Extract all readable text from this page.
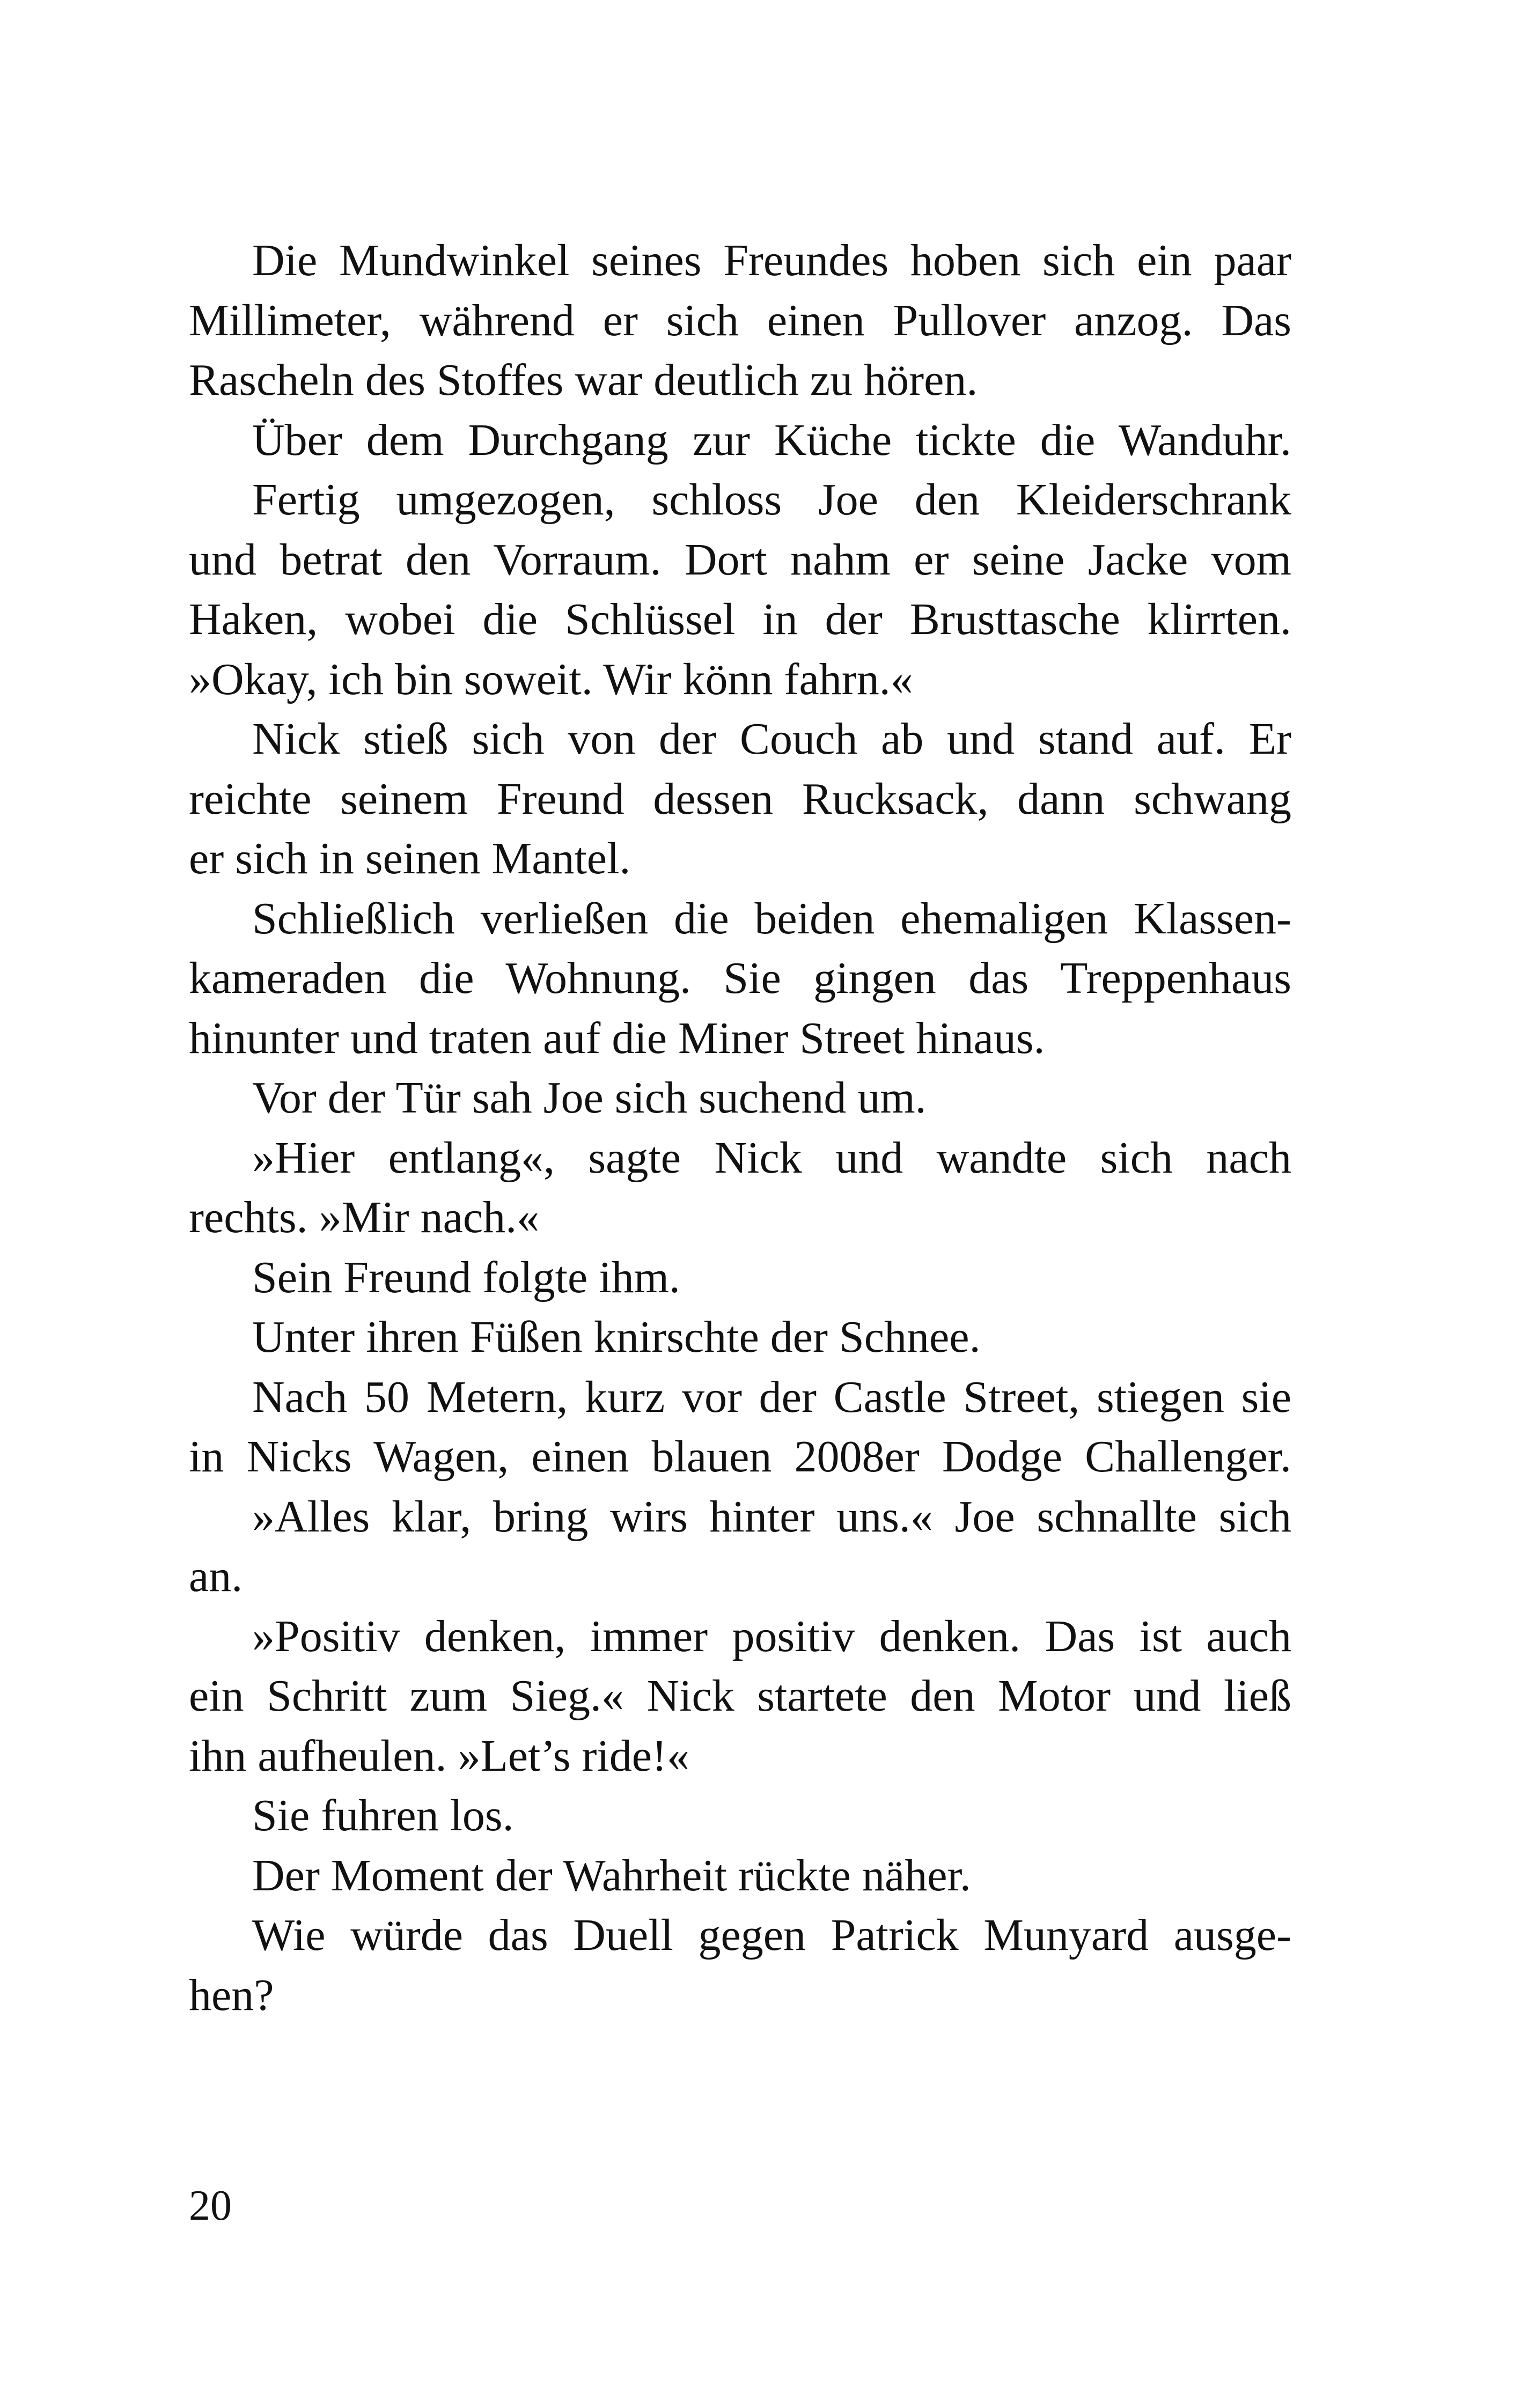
Die Mundwinkel seines Freundes hoben sich ein paar
Millimeter, während er sich einen Pullover anzog. Das
Rascheln des Stoffes war deutlich zu hören.
Über dem Durchgang zur Küche tickte die Wanduhr.
Fertig umgezogen, schloss Joe den Kleiderschrank
und betrat den Vorraum. Dort nahm er seine Jacke vom
Haken, wobei die Schlüssel in der Brusttasche klirrten.
»Okay, ich bin soweit. Wir könn fahrn.«
Nick stieß sich von der Couch ab und stand auf. Er
reichte seinem Freund dessen Rucksack, dann schwang
er sich in seinen Mantel.
Schließlich verließen die beiden ehemaligen Klassen-
kameraden die Wohnung. Sie gingen das Treppenhaus
hinunter und traten auf die Miner Street hinaus.
Vor der Tür sah Joe sich suchend um.
»Hier entlang«, sagte Nick und wandte sich nach
rechts. »Mir nach.«
Sein Freund folgte ihm.
Unter ihren Füßen knirschte der Schnee.
Nach 50 Metern, kurz vor der Castle Street, stiegen sie
in Nicks Wagen, einen blauen 2008er Dodge Challenger.
»Alles klar, bring wirs hinter uns.« Joe schnallte sich
an.
»Positiv denken, immer positiv denken. Das ist auch
ein Schritt zum Sieg.« Nick startete den Motor und ließ
ihn aufheulen. »Let’s ride!«
Sie fuhren los.
Der Moment der Wahrheit rückte näher.
Wie würde das Duell gegen Patrick Munyard ausge-
hen?
20
